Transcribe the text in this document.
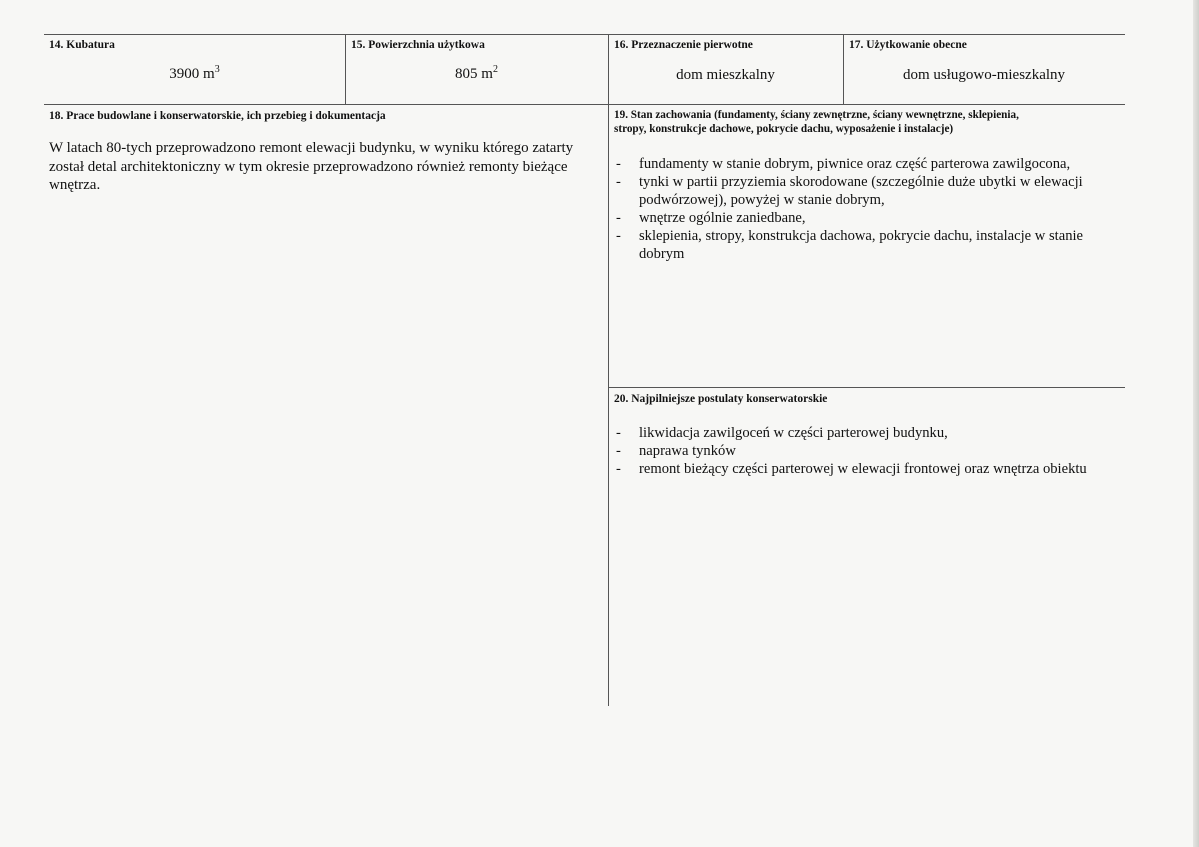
14. Kubatura
3900 $m^3$
15. Powierzchnia użytkowa
805 $m^2$
16. Przeznaczenie pierwotne
dom mieszkalny
17. Użytkowanie obecne
dom usługowo-mieszkalny
18. Prace budowlane i konserwatorskie, ich przebieg i dokumentacja
W latach 80-tych przeprowadzono remont elewacji budynku, w wyniku którego zatarty został detal architektoniczny w tym okresie przeprowadzono również remonty bieżące wnętrza.
19. Stan zachowania (fundamenty, ściany zewnętrzne, ściany wewnętrzne, sklepienia,
stropy, konstrukcje dachowe, pokrycie dachu, wyposażenie i instalacje)
- fundamenty w stanie dobrym, piwnice oraz część parterowa zawilgocona,
- tynki w partii przyziemia skorodowane (szczególnie duże ubytki w elewacji podwórzowej), powyżej w stanie dobrym,
- wnętrze ogólnie zaniedbane,
- sklepienia, stropy, konstrukcja dachowa, pokrycie dachu, instalacje w stanie dobrym
20. Najpilniejsze postulaty konserwatorskie
- likwidacja zawilgoceń w części parterowej budynku,
- naprawa tynków
- remont bieżący części parterowej w elewacji frontowej oraz wnętrza obiektu
